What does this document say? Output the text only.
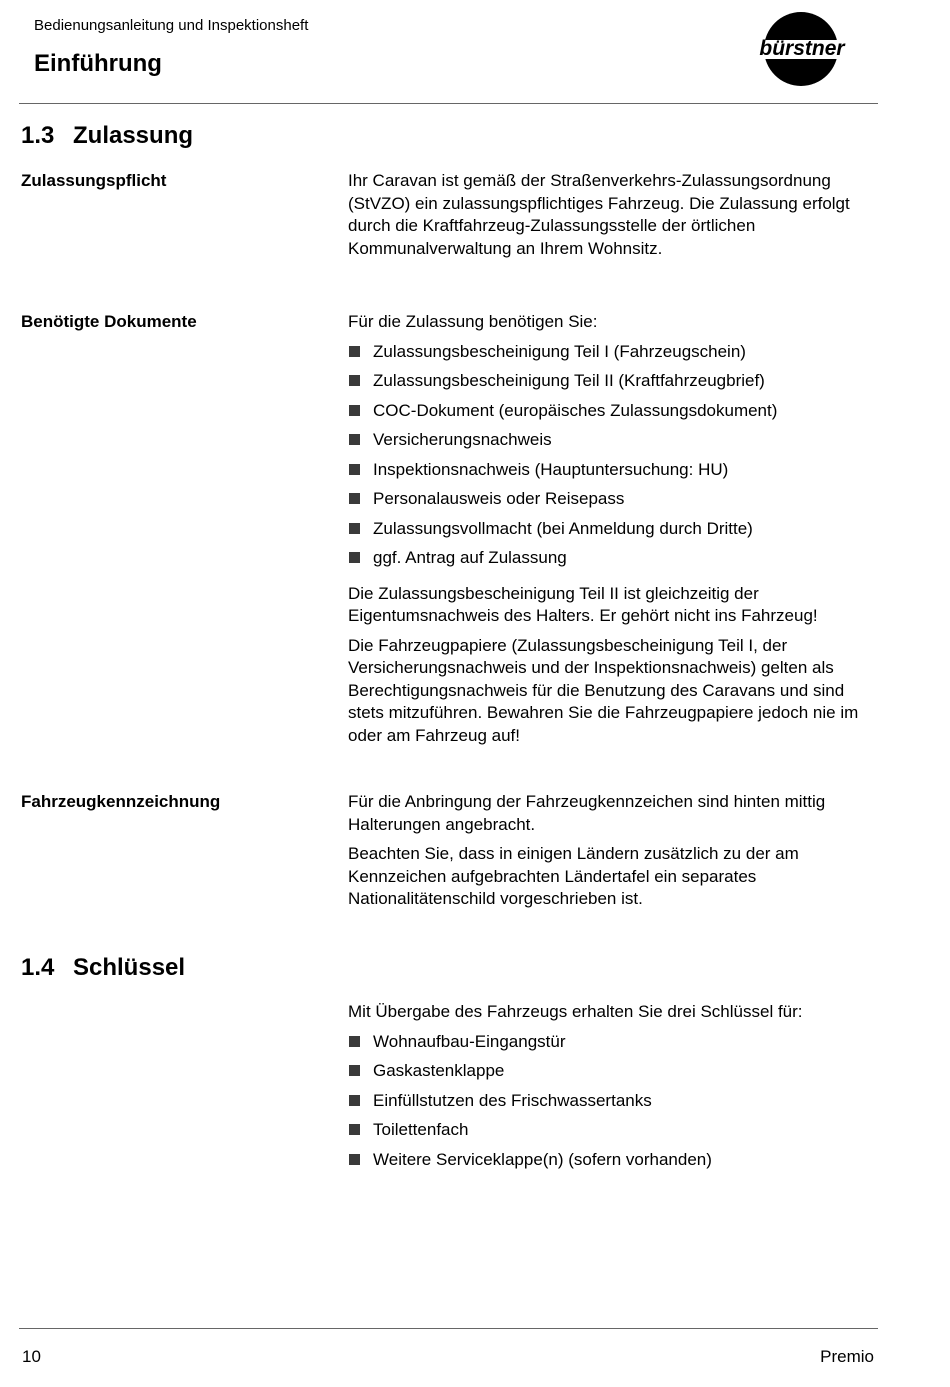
Bedienungsanleitung und Inspektionsheft
Einführung
bürstner
1.3 Zulassung
Zulassungspflicht	Ihr Caravan ist gemäß der Straßenverkehrs-Zulassungsordnung (StVZO) ein zulassungspflichtiges Fahrzeug. Die Zulassung erfolgt durch die Kraftfahrzeug-Zulassungsstelle der örtlichen Kommunalverwaltung an Ihrem Wohnsitz.

Benötigte Dokumente	Für die Zulassung benötigen Sie:

Zulassungsbescheinigung Teil I (Fahrzeugschein)
Zulassungsbescheinigung Teil II (Kraftfahrzeugbrief)
COC-Dokument (europäisches Zulassungsdokument)
Versicherungsnachweis
Inspektionsnachweis (Hauptuntersuchung: HU)
Personalausweis oder Reisepass
Zulassungsvollmacht (bei Anmeldung durch Dritte)
ggf. Antrag auf Zulassung

Die Zulassungsbescheinigung Teil II ist gleichzeitig der Eigentumsnachweis des Halters. Er gehört nicht ins Fahrzeug!

Die Fahrzeugpapiere (Zulassungsbescheinigung Teil I, der Versicherungsnachweis und der Inspektionsnachweis) gelten als Berechtigungsnachweis für die Benutzung des Caravans und sind stets mitzuführen. Bewahren Sie die Fahrzeugpapiere jedoch nie im oder am Fahrzeug auf!

Fahrzeugkennzeichnung	Für die Anbringung der Fahrzeugkennzeichen sind hinten mittig Halterungen angebracht.

Beachten Sie, dass in einigen Ländern zusätzlich zu der am Kennzeichen aufgebrachten Ländertafel ein separates Nationalitätenschild vorgeschrieben ist.

1.4 Schlüssel

Mit Übergabe des Fahrzeugs erhalten Sie drei Schlüssel für:

Wohnaufbau-Eingangstür
Gaskastenklappe
Einfüllstutzen des Frischwassertanks
Toilettenfach
Weitere Serviceklappe(n) (sofern vorhanden)
10	Premio
